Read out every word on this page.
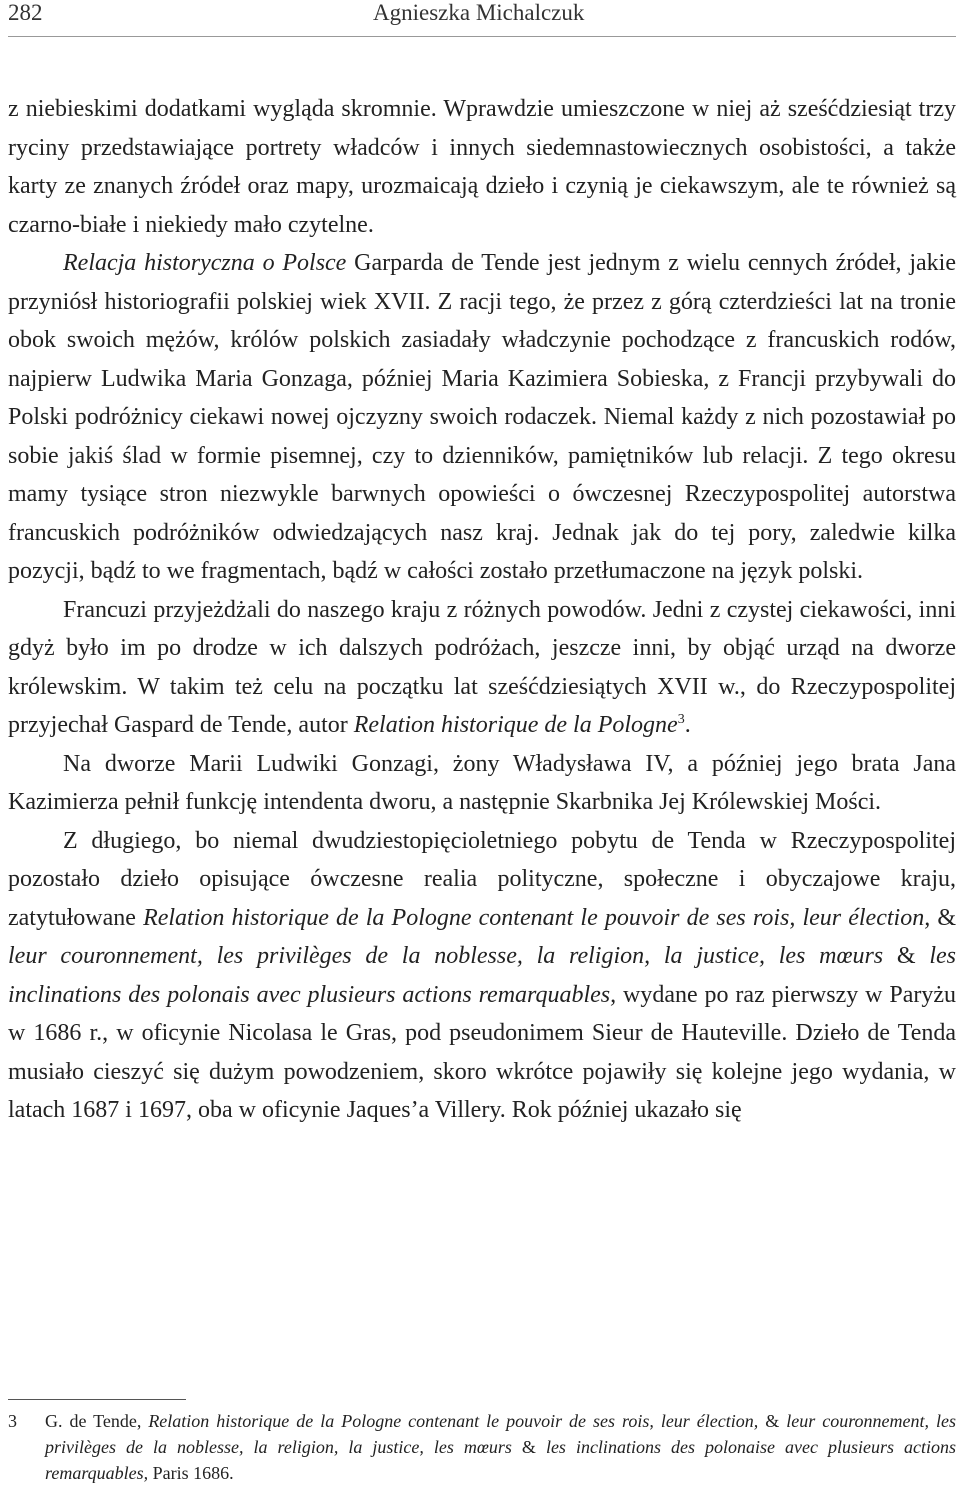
282	Agnieszka Michalczuk

z niebieskimi dodatkami wygląda skromnie. Wprawdzie umieszczone w niej aż sześćdziesiąt trzy ryciny przedstawiające portrety władców i innych siedemnastowiecznych osobistości, a także karty ze znanych źródeł oraz mapy, urozmaicają dzieło i czynią je ciekawszym, ale te również są czarno-białe i niekiedy mało czytelne.

Relacja historyczna o Polsce Garparda de Tende jest jednym z wielu cennych źródeł, jakie przyniósł historiografii polskiej wiek XVII. Z racji tego, że przez z górą czterdzieści lat na tronie obok swoich mężów, królów polskich zasiadały władczynie pochodzące z francuskich rodów, najpierw Ludwika Maria Gonzaga, później Maria Kazimiera Sobieska, z Francji przybywali do Polski podróżnicy ciekawi nowej ojczyzny swoich rodaczek. Niemal każdy z nich pozostawiał po sobie jakiś ślad w formie pisemnej, czy to dzienników, pamiętników lub relacji. Z tego okresu mamy tysiące stron niezwykle barwnych opowieści o ówczesnej Rzeczypospolitej autorstwa francuskich podróżników odwiedzających nasz kraj. Jednak jak do tej pory, zaledwie kilka pozycji, bądź to we fragmentach, bądź w całości zostało przetłumaczone na język polski.

Francuzi przyjeżdżali do naszego kraju z różnych powodów. Jedni z czystej ciekawości, inni gdyż było im po drodze w ich dalszych podróżach, jeszcze inni, by objąć urząd na dworze królewskim. W takim też celu na początku lat sześćdziesiątych XVII w., do Rzeczypospolitej przyjechał Gaspard de Tende, autor Relation historique de la Pologne$^3$.

Na dworze Marii Ludwiki Gonzagi, żony Władysława IV, a później jego brata Jana Kazimierza pełnił funkcję intendenta dworu, a następnie Skarbnika Jej Królewskiej Mości.

Z długiego, bo niemal dwudziestopięcioletniego pobytu de Tenda w Rzeczypospolitej pozostało dzieło opisujące ówczesne realia polityczne, społeczne i obyczajowe kraju, zatytułowane Relation historique de la Pologne contenant le pouvoir de ses rois, leur élection, & leur couronnement, les privilèges de la noblesse, la religion, la justice, les mœurs & les inclinations des polonais avec plusieurs actions remarquables, wydane po raz pierwszy w Paryżu w 1686 r., w oficynie Nicolasa le Gras, pod pseudonimem Sieur de Hauteville. Dzieło de Tenda musiało cieszyć się dużym powodzeniem, skoro wkrótce pojawiły się kolejne jego wydania, w latach 1687 i 1697, oba w oficynie Jaques’a Villery. Rok później ukazało się

3 G. de Tende, Relation historique de la Pologne contenant le pouvoir de ses rois, leur élection, & leur couronnement, les privilèges de la noblesse, la religion, la justice, les mœurs & les inclinations des polonaise avec plusieurs actions remarquables, Paris 1686.
